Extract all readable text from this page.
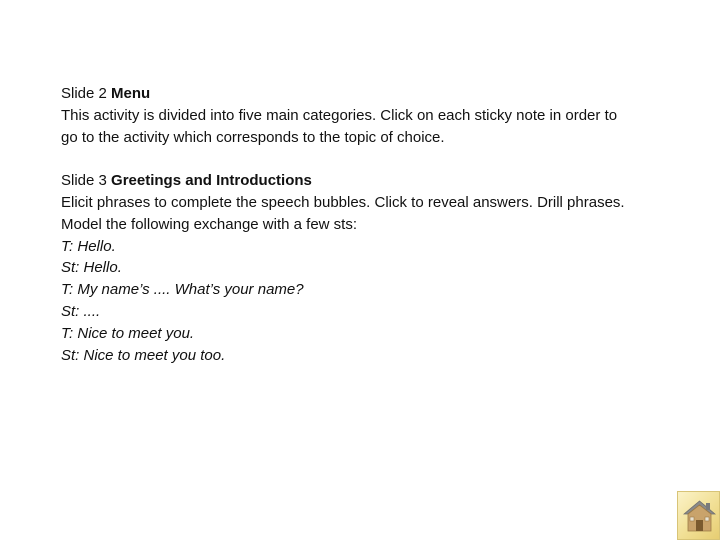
Slide 2 Menu

This activity is divided into five main categories. Click on each sticky note in order to go to the activity which corresponds to the topic of choice.

Slide 3 Greetings and Introductions

Elicit phrases to complete the speech bubbles. Click to reveal answers. Drill phrases.

Model the following exchange with a few sts:

T: Hello.

St: Hello.

T: My name’s .... What’s your name?

St: ....

T: Nice to meet you.

St: Nice to meet you too.
